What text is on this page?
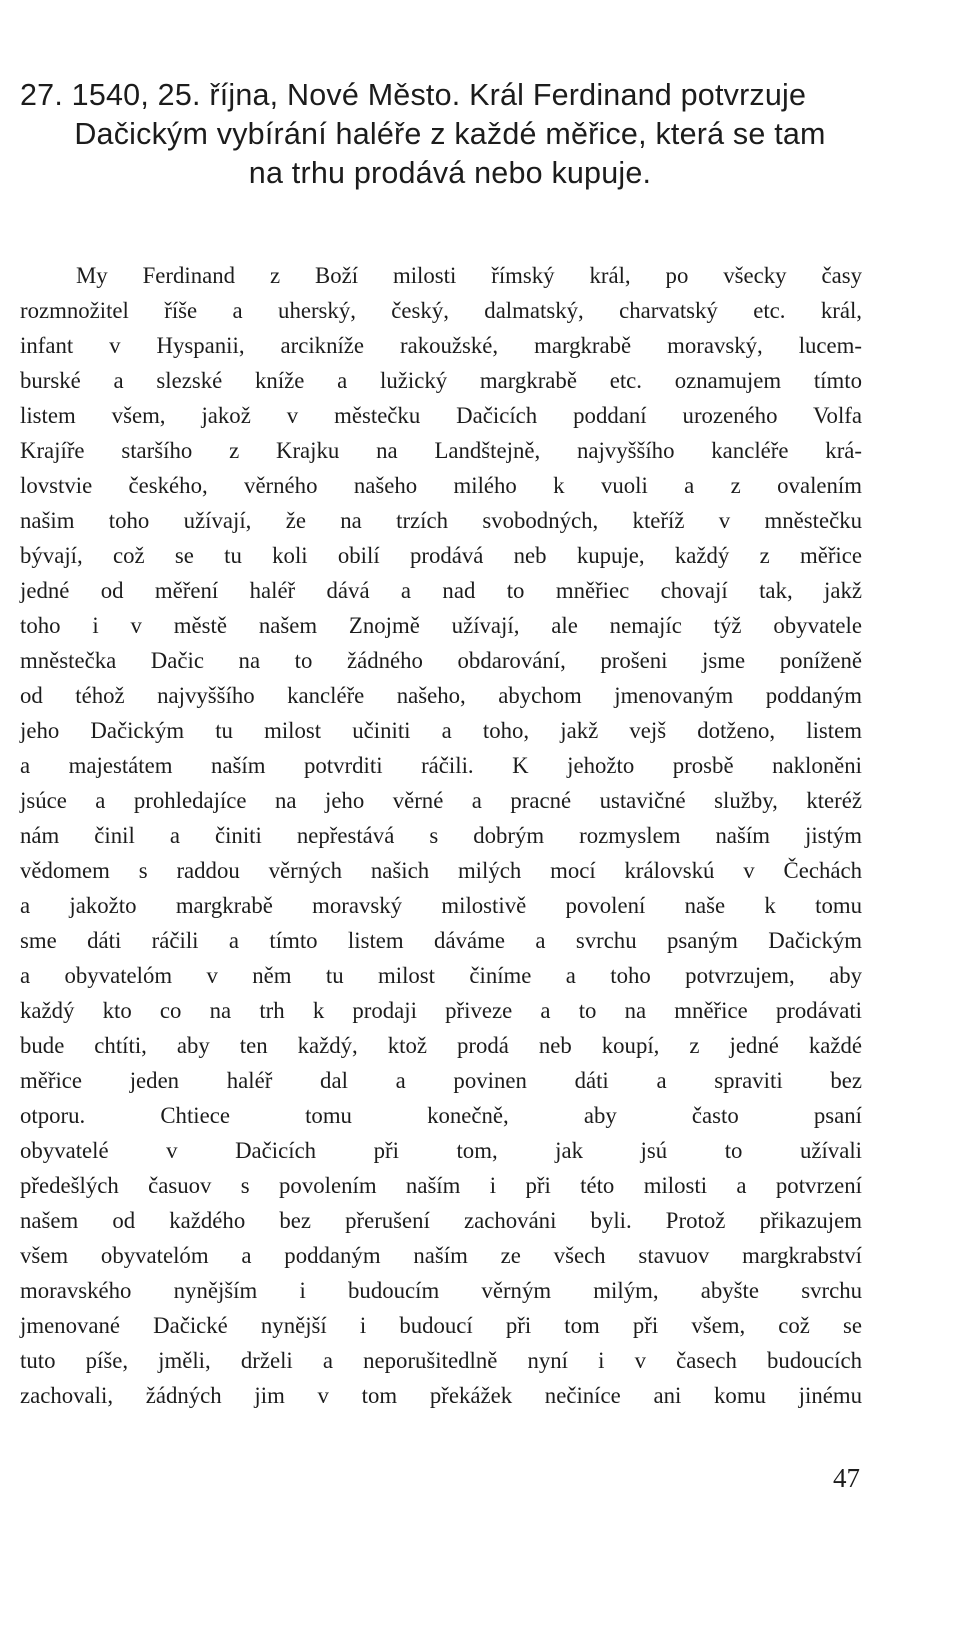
27. 1540, 25. října, Nové Město. Král Ferdinand potvrzuje
Dačickým vybírání haléře z každé měřice, která se tam
na trhu prodává nebo kupuje.
My Ferdinand z Boží milosti římský král, po všecky časy
rozmnožitel říše a uherský, český, dalmatský, charvatský etc. král,
infant v Hyspanii, arcikníže rakoužské, margkrabě moravský, lucem-
burské a slezské kníže a lužický margkrabě etc. oznamujem tímto
listem všem, jakož v městečku Dačicích poddaní urozeného Volfa
Krajíře staršího z Krajku na Landštejně, najvyššího kancléře krá-
lovstvie českého, věrného našeho milého k vuoli a z ovalením
našim toho užívají, že na trzích svobodných, kteříž v mněstečku
bývají, což se tu koli obilí prodává neb kupuje, každý z měřice
jedné od měření haléř dává a nad to mněřiec chovají tak, jakž
toho i v městě našem Znojmě užívají, ale nemajíc týž obyvatele
mněstečka Dačic na to žádného obdarování, prošeni jsme poníženě
od téhož najvyššího kancléře našeho, abychom jmenovaným poddaným
jeho Dačickým tu milost učiniti a toho, jakž vejš dotženo, listem
a majestátem naším potvrditi ráčili. K jehožto prosbě nakloněni
jsúce a prohledajíce na jeho věrné a pracné ustavičné služby, kteréž
nám činil a činiti nepřestává s dobrým rozmyslem naším jistým
vědomem s raddou věrných našich milých mocí královskú v Čechách
a jakožto margkrabě moravský milostivě povolení naše k tomu
sme dáti ráčili a tímto listem dáváme a svrchu psaným Dačickým
a obyvatelóm v něm tu milost činíme a toho potvrzujem, aby
každý kto co na trh k prodaji přiveze a to na mněřice prodávati
bude chtíti, aby ten každý, ktož prodá neb koupí, z jedné každé
měřice jeden haléř dal a povinen dáti a spraviti bez
otporu. Chtiece tomu konečně, aby často psaní
obyvatelé v Dačicích při tom, jak jsú to užívali
předešlých časuov s povolením naším i při této milosti a potvrzení
našem od každého bez přerušení zachováni byli. Protož přikazujem
všem obyvatelóm a poddaným naším ze všech stavuov margkrabství
moravského nynějším i budoucím věrným milým, abyšte svrchu
jmenované Dačické nynější i budoucí při tom při všem, což se
tuto píše, jměli, drželi a neporušitedlně nyní i v časech budoucích
zachovali, žádných jim v tom překážek nečiníce ani komu jinému
47
